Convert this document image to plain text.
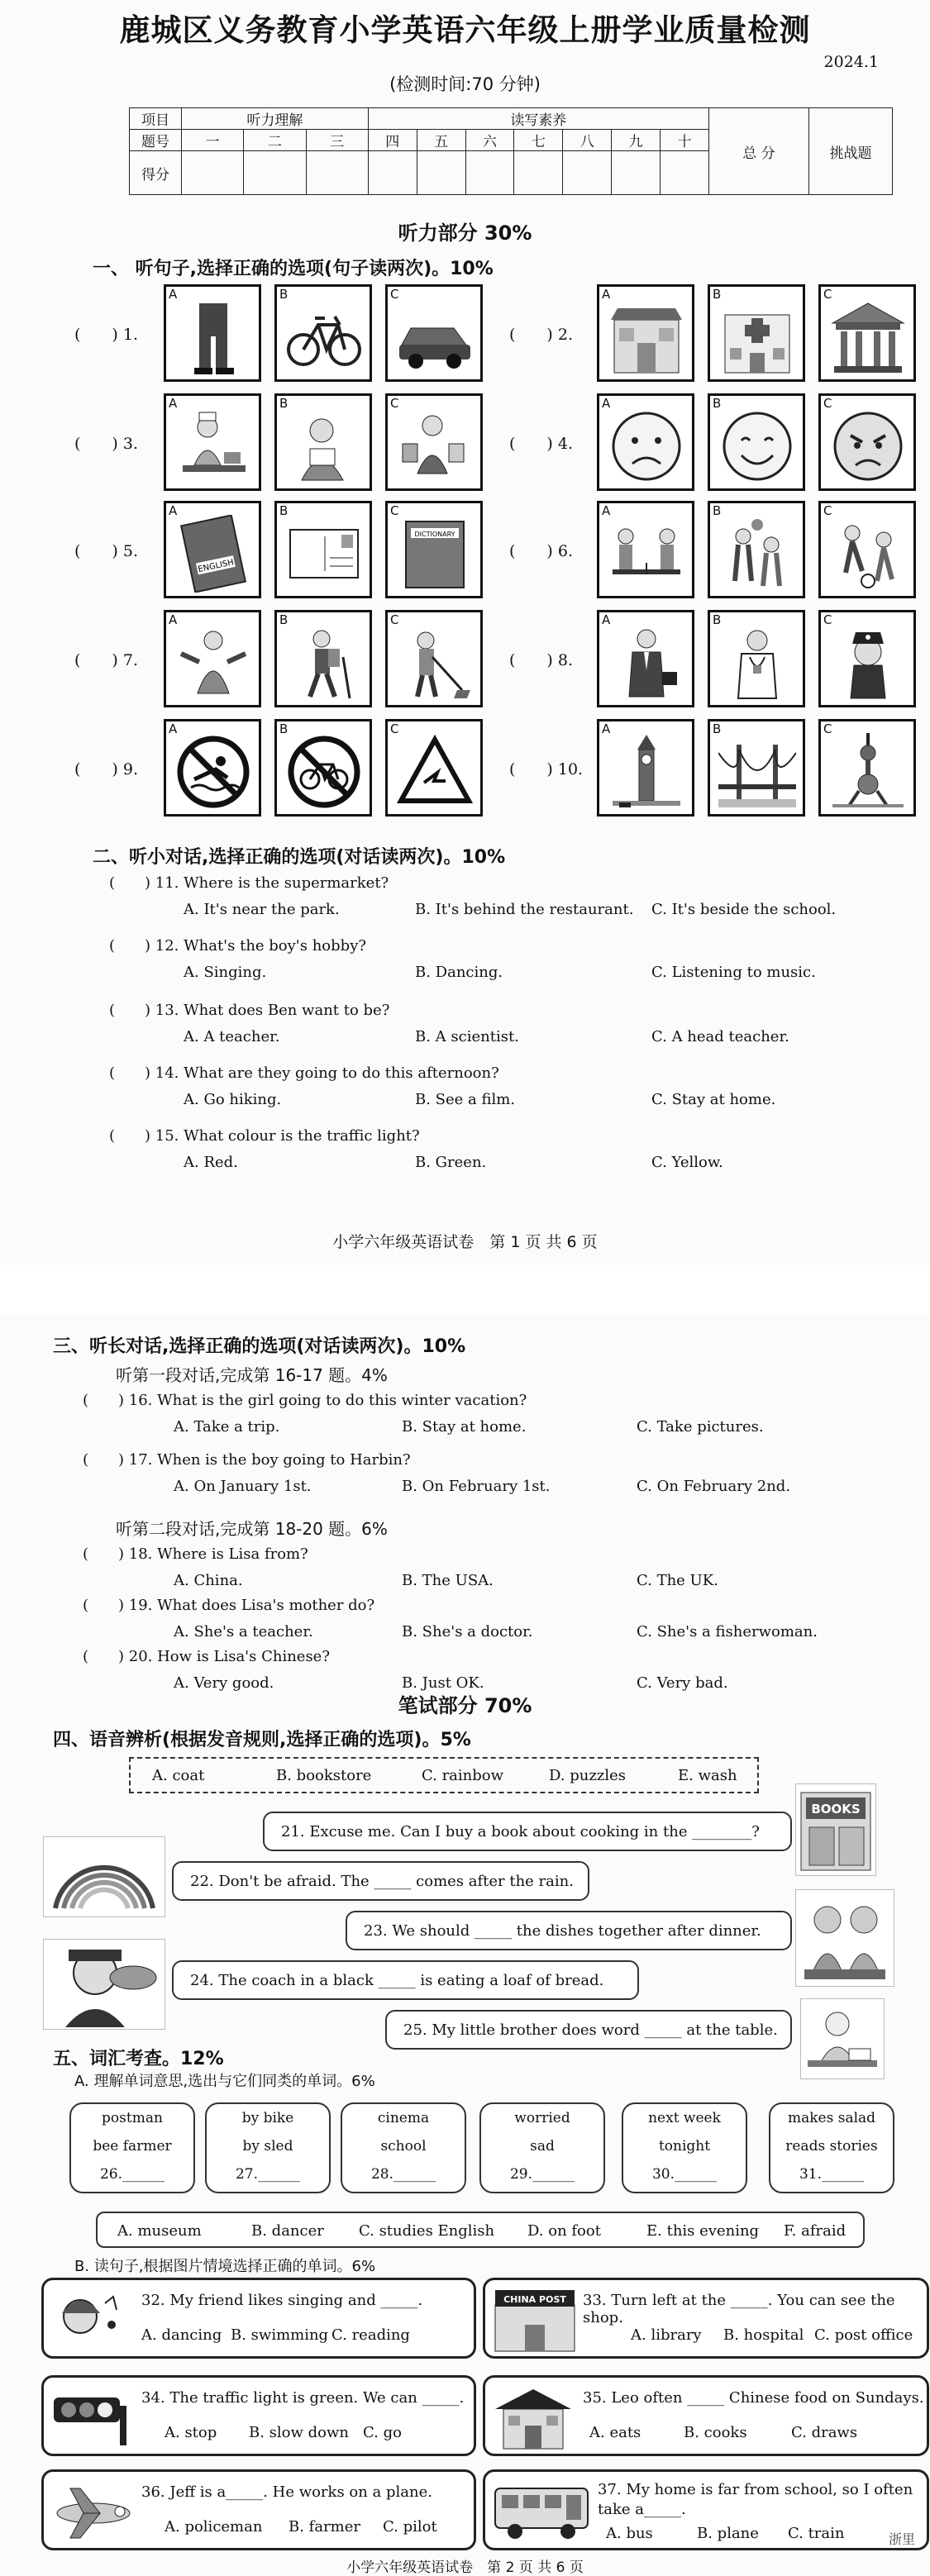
鹿城区义务教育小学英语六年级上册学业质量检测
2024.1
(检测时间:70 分钟)
项目	听力理解			读写素养							总 分	挑战题
题号	一	二	三	四	五	六	七	八	九	十		
得分												
听力部分 30%
一、 听句子,选择正确的选项(句子读两次)。10%
(　　) 1.
A	B	C
(　　) 2.
A	B	C
(　　) 3.
A	B	C
(　　) 4.
A	B	C
(　　) 5.
A
ENGLISH
B	C
DICTIONARY
(　　) 6.
A	B	C
(　　) 7.
A	B	C
(　　) 8.
A	B	C
(　　) 9.
A	B	C
(　　) 10.
A	B	C
二、听小对话,选择正确的选项(对话读两次)。10%
(　　) 11. Where is the supermarket?
A. It's near the park.	B. It's behind the restaurant. C. It's beside the school.
(　　) 12. What's the boy's hobby?
A. Singing.	B. Dancing.	C. Listening to music.
(　　) 13. What does Ben want to be?
A. A teacher.	B. A scientist.	C. A head teacher.
(　　) 14. What are they going to do this afternoon?
A. Go hiking.	B. See a film.	C. Stay at home.
(　　) 15. What colour is the traffic light?
A. Red.	B. Green.	C. Yellow.
小学六年级英语试卷　第 1 页 共 6 页
三、听长对话,选择正确的选项(对话读两次)。10%
听第一段对话,完成第 16-17 题。4%
听第二段对话,完成第 18-20 题。6%
(　　) 16. What is the girl going to do this winter vacation?
A. Take a trip.	B. Stay at home.	C. Take pictures.
(　　) 17. When is the boy going to Harbin?
A. On January 1st.	B. On February 1st.	C. On February 2nd.
(　　) 18. Where is Lisa from?
A. China.	B. The USA.	C. The UK.
(　　) 19. What does Lisa's mother do?
A. She's a teacher.	B. She's a doctor.	C. She's a fisherwoman.
(　　) 20. How is Lisa's Chinese?
A. Very good.	B. Just OK.	C. Very bad.
笔试部分 70%
四、语音辨析(根据发音规则,选择正确的选项)。5%
A. coat	B. bookstore	C. rainbow	D. puzzles	E. wash
21. Excuse me. Can I buy a book about cooking in the ________?
22. Don't be afraid. The _____ comes after the rain.
23. We should _____ the dishes together after dinner.
24. The coach in a black _____ is eating a loaf of bread.
25. My little brother does word _____ at the table.
BOOKS
五、词汇考查。12%
A. 理解单词意思,选出与它们同类的单词。6%
postman
bee farmer
26.______
by bike
by sled
27.______
cinema
school
28.______
worried
sad
29.______
next week
tonight
30.______
makes salad
reads stories
31.______
A. museum	B. dancer C. studies English D. on foot	E. this evening F. afraid
B. 读句子,根据图片情境选择正确的单词。6%
32. My friend likes singing and _____.
A. dancing B. swimming C. reading
CHINA POST 33. Turn left at the _____. You can see the shop.
A. library B. hospital C. post office
34. The traffic light is green. We can _____.
A. stop B. slow down C. go
35. Leo often _____ Chinese food on Sundays.
A. eats	B. cooks	C. draws
36. Jeff is a_____. He works on a plane.
A. policeman B. farmer C. pilot
37. My home is far from school, so I often take a_____.
A. bus	B. plane C. train
小学六年级英语试卷　第 2 页 共 6 页
浙里
